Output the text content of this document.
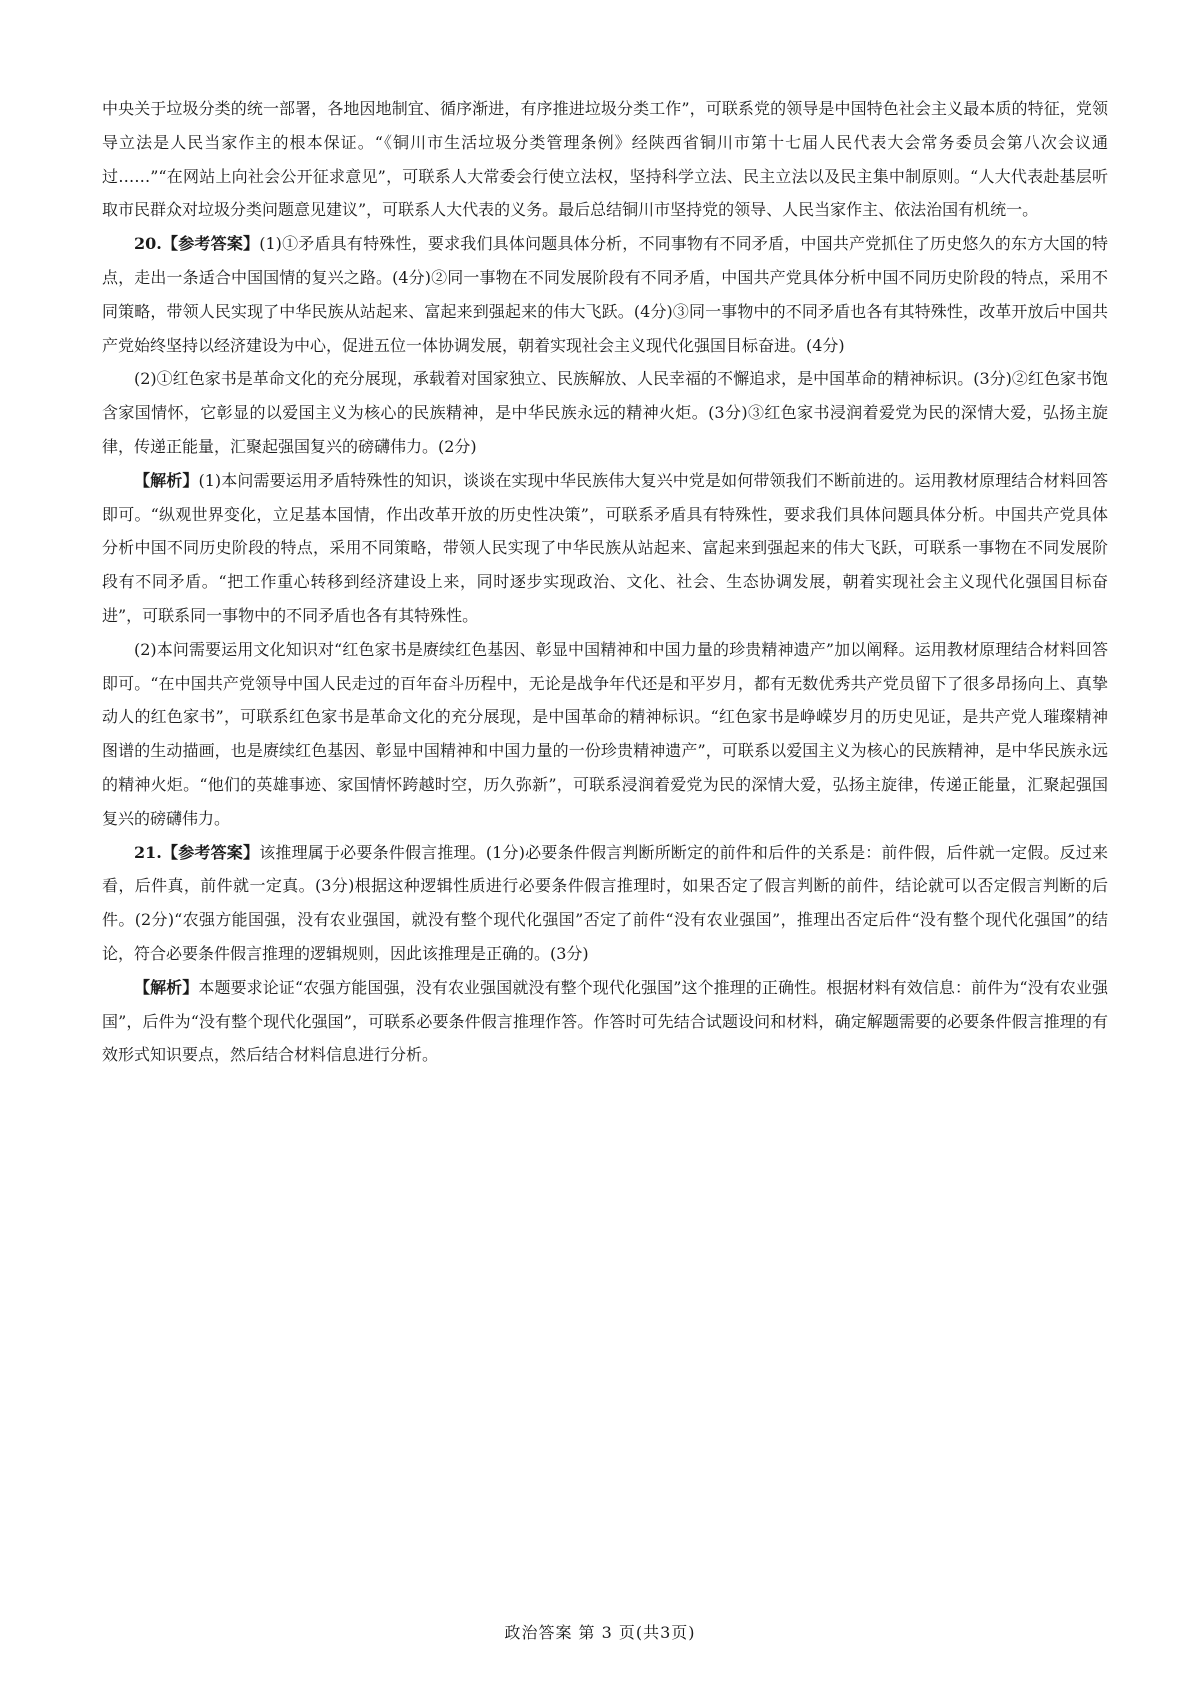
中央关于垃圾分类的统一部署，各地因地制宜、循序渐进，有序推进垃圾分类工作”，可联系党的领导是中国特色社会主义最本质的特征，党领导立法是人民当家作主的根本保证。“《铜川市生活垃圾分类管理条例》经陕西省铜川市第十七届人民代表大会常务委员会第八次会议通过……”“在网站上向社会公开征求意见”，可联系人大常委会行使立法权，坚持科学立法、民主立法以及民主集中制原则。“人大代表赴基层听取市民群众对垃圾分类问题意见建议”，可联系人大代表的义务。最后总结铜川市坚持党的领导、人民当家作主、依法治国有机统一。

20.【参考答案】(1)①矛盾具有特殊性，要求我们具体问题具体分析，不同事物有不同矛盾，中国共产党抓住了历史悠久的东方大国的特点，走出一条适合中国国情的复兴之路。(4分)②同一事物在不同发展阶段有不同矛盾，中国共产党具体分析中国不同历史阶段的特点，采用不同策略，带领人民实现了中华民族从站起来、富起来到强起来的伟大飞跃。(4分)③同一事物中的不同矛盾也各有其特殊性，改革开放后中国共产党始终坚持以经济建设为中心，促进五位一体协调发展，朝着实现社会主义现代化强国目标奋进。(4分)

(2)①红色家书是革命文化的充分展现，承载着对国家独立、民族解放、人民幸福的不懈追求，是中国革命的精神标识。(3分)②红色家书饱含家国情怀，它彰显的以爱国主义为核心的民族精神，是中华民族永远的精神火炬。(3分)③红色家书浸润着爱党为民的深情大爱，弘扬主旋律，传递正能量，汇聚起强国复兴的磅礴伟力。(2分)

【解析】(1)本问需要运用矛盾特殊性的知识，谈谈在实现中华民族伟大复兴中党是如何带领我们不断前进的。运用教材原理结合材料回答即可。“纵观世界变化，立足基本国情，作出改革开放的历史性决策”，可联系矛盾具有特殊性，要求我们具体问题具体分析。中国共产党具体分析中国不同历史阶段的特点，采用不同策略，带领人民实现了中华民族从站起来、富起来到强起来的伟大飞跃，可联系一事物在不同发展阶段有不同矛盾。“把工作重心转移到经济建设上来，同时逐步实现政治、文化、社会、生态协调发展，朝着实现社会主义现代化强国目标奋进”，可联系同一事物中的不同矛盾也各有其特殊性。

(2)本问需要运用文化知识对“红色家书是赓续红色基因、彰显中国精神和中国力量的珍贵精神遗产”加以阐释。运用教材原理结合材料回答即可。“在中国共产党领导中国人民走过的百年奋斗历程中，无论是战争年代还是和平岁月，都有无数优秀共产党员留下了很多昂扬向上、真挚动人的红色家书”，可联系红色家书是革命文化的充分展现，是中国革命的精神标识。“红色家书是峥嵘岁月的历史见证，是共产党人璀璨精神图谱的生动描画，也是赓续红色基因、彰显中国精神和中国力量的一份珍贵精神遗产”，可联系以爱国主义为核心的民族精神，是中华民族永远的精神火炬。“他们的英雄事迹、家国情怀跨越时空，历久弥新”，可联系浸润着爱党为民的深情大爱，弘扬主旋律，传递正能量，汇聚起强国复兴的磅礴伟力。

21.【参考答案】该推理属于必要条件假言推理。(1分)必要条件假言判断所断定的前件和后件的关系是：前件假，后件就一定假。反过来看，后件真，前件就一定真。(3分)根据这种逻辑性质进行必要条件假言推理时，如果否定了假言判断的前件，结论就可以否定假言判断的后件。(2分)“农强方能国强，没有农业强国，就没有整个现代化强国”否定了前件“没有农业强国”，推理出否定后件“没有整个现代化强国”的结论，符合必要条件假言推理的逻辑规则，因此该推理是正确的。(3分)

【解析】本题要求论证“农强方能国强，没有农业强国就没有整个现代化强国”这个推理的正确性。根据材料有效信息：前件为“没有农业强国”，后件为“没有整个现代化强国”，可联系必要条件假言推理作答。作答时可先结合试题设问和材料，确定解题需要的必要条件假言推理的有效形式知识要点，然后结合材料信息进行分析。

政治答案 第 3 页(共3页)
